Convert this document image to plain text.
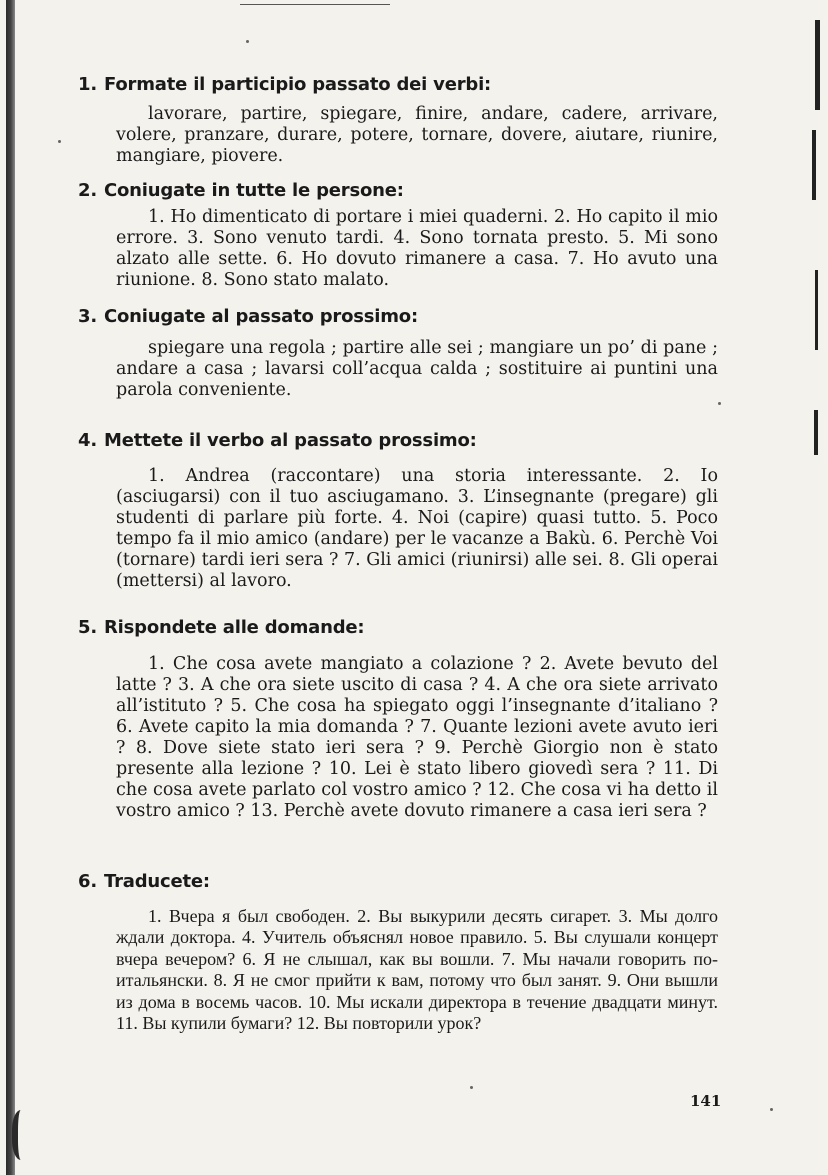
1. Formate il participio passato dei verbi:

lavorare, partire, spiegare, finire, andare, cadere, arrivare, volere, pranzare, durare, potere, tornare, dovere, aiutare, riunire, mangiare, piovere.

2. Coniugate in tutte le persone:

1. Ho dimenticato di portare i miei quaderni. 2. Ho capito il mio errore. 3. Sono venuto tardi. 4. Sono tornata presto. 5. Mi sono alzato alle sette. 6. Ho dovuto rimanere a casa. 7. Ho avuto una riunione. 8. Sono stato malato.

3. Coniugate al passato prossimo:

spiegare una regola ; partire alle sei ; mangiare un po’ di pane ; andare a casa ; lavarsi coll’acqua calda ; sostituire ai puntini una parola conveniente.

4. Mettete il verbo al passato prossimo:

1. Andrea (raccontare) una storia interessante. 2. Io (asciugarsi) con il tuo asciugamano. 3. L’insegnante (pregare) gli studenti di parlare più forte. 4. Noi (capire) quasi tutto. 5. Poco tempo fa il mio amico (andare) per le vacanze a Bakù. 6. Perchè Voi (tornare) tardi ieri sera ? 7. Gli amici (riunirsi) alle sei. 8. Gli operai (mettersi) al lavoro.

5. Rispondete alle domande:

1. Che cosa avete mangiato a colazione ? 2. Avete bevuto del latte ? 3. A che ora siete uscito di casa ? 4. A che ora siete arrivato all’istituto ? 5. Che cosa ha spiegato oggi l’insegnante d’italiano ? 6. Avete capito la mia domanda ? 7. Quante lezioni avete avuto ieri ? 8. Dove siete stato ieri sera ? 9. Perchè Giorgio non è stato presente alla lezione ? 10. Lei è stato libero giovedì sera ? 11. Di che cosa avete parlato col vostro amico ? 12. Che cosa vi ha detto il vostro amico ? 13. Perchè avete dovuto rimanere a casa ieri sera ?

6. Traducete:

1. Вчера я был свободен. 2. Вы выкурили десять сигарет. 3. Мы долго ждали доктора. 4. Учитель объяснял новое правило. 5. Вы слушали концерт вчера вечером? 6. Я не слышал, как вы вошли. 7. Мы начали говорить по-итальянски. 8. Я не смог прийти к вам, потому что был занят. 9. Они вышли из дома в восемь часов. 10. Мы искали директора в течение двадцати минут. 11. Вы купили бумаги? 12. Вы повторили урок?

141
